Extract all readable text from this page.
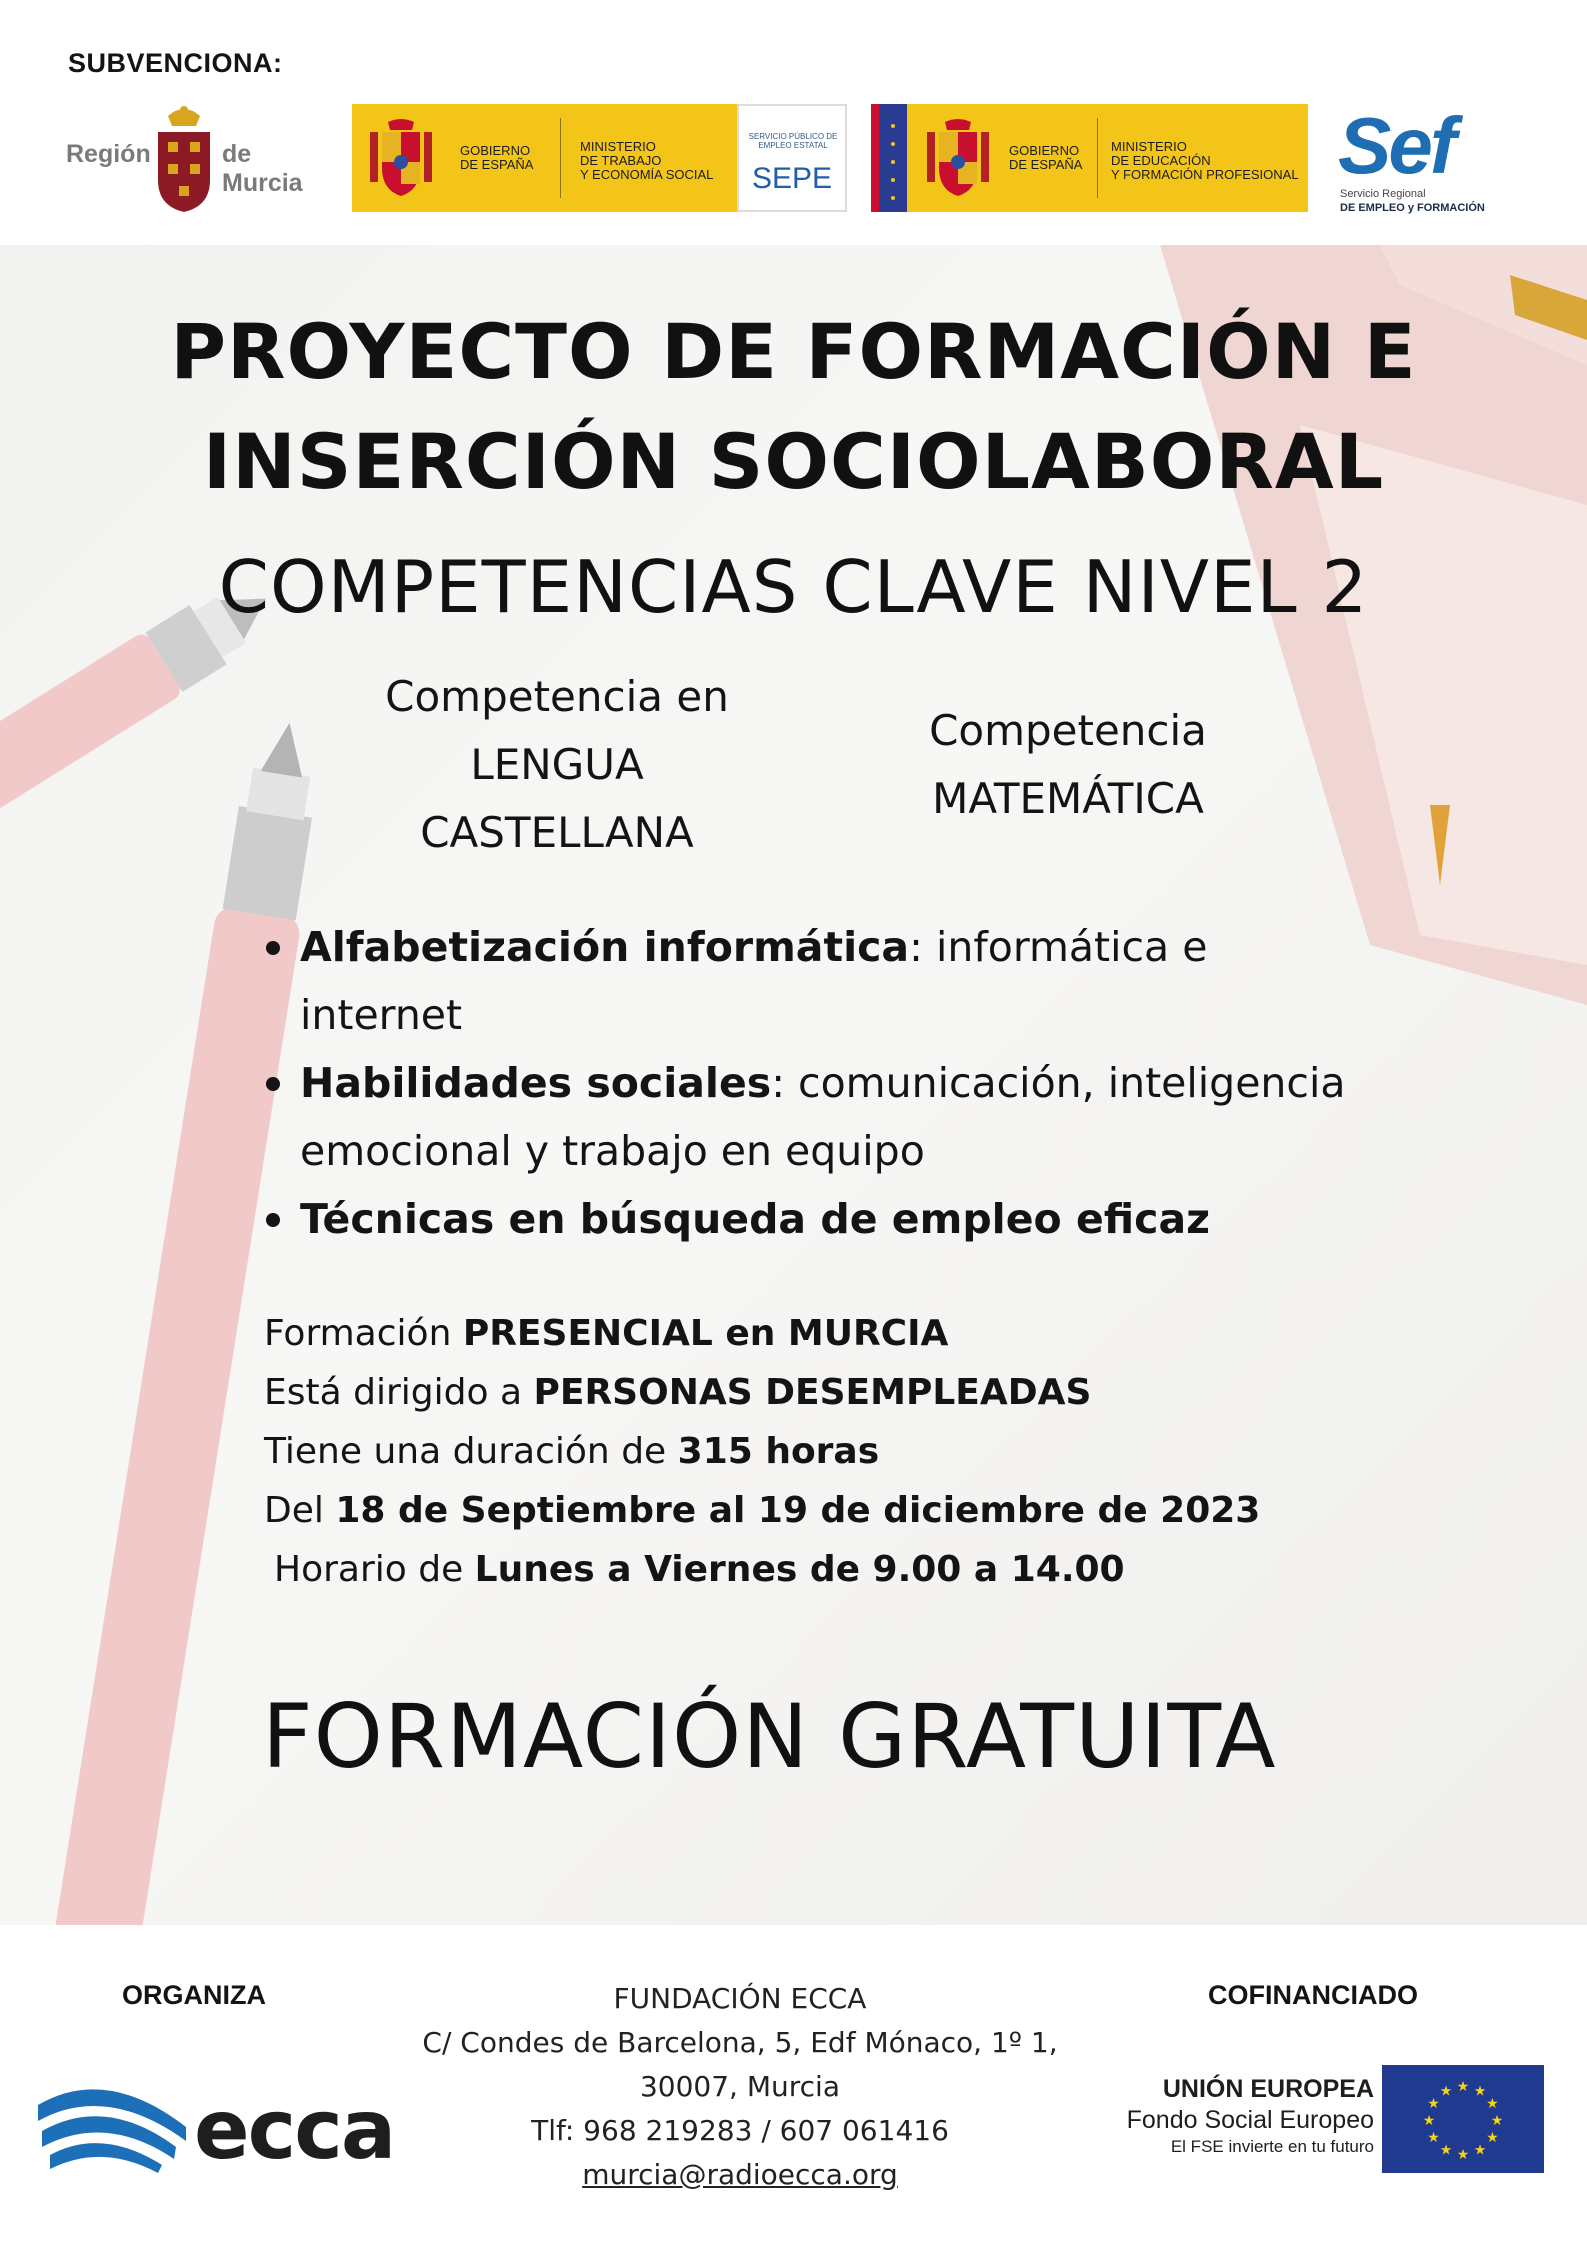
SUBVENCIONA:
Región	de Murcia
GOBIERNO
DE ESPAÑA
MINISTERIO
DE TRABAJO
Y ECONOMÍA SOCIAL
SERVICIO PÚBLICO DE EMPLEO ESTATAL
SEPE
GOBIERNO
DE ESPAÑA
MINISTERIO
DE EDUCACIÓN
Y FORMACIÓN PROFESIONAL Sef
Servicio Regional
DE EMPLEO y FORMACIÓN
PROYECTO DE FORMACIÓN E
INSERCIÓN SOCIOLABORAL
COMPETENCIAS CLAVE NIVEL 2
Competencia en
LENGUA
CASTELLANA
Competencia
MATEMÁTICA
Alfabetización informática: informática e internet
Habilidades sociales: comunicación, inteligencia emocional y trabajo en equipo
Técnicas en búsqueda de empleo eficaz
Formación PRESENCIAL en MURCIA
Está dirigido a PERSONAS DESEMPLEADAS
Tiene una duración de 315 horas
Del 18 de Septiembre al 19 de diciembre de 2023
Horario de Lunes a Viernes de 9.00 a 14.00
FORMACIÓN GRATUITA
ORGANIZA
ecca
FUNDACIÓN ECCA
C/ Condes de Barcelona, 5, Edf Mónaco, 1º 1,
30007, Murcia
Tlf: 968 219283 / 607 061416
murcia@radioecca.org
COFINANCIADO
UNIÓN EUROPEA
Fondo Social Europeo
El FSE invierte en tu futuro
★
★
★
★
★
★
★
★
★ ★ ★
★
